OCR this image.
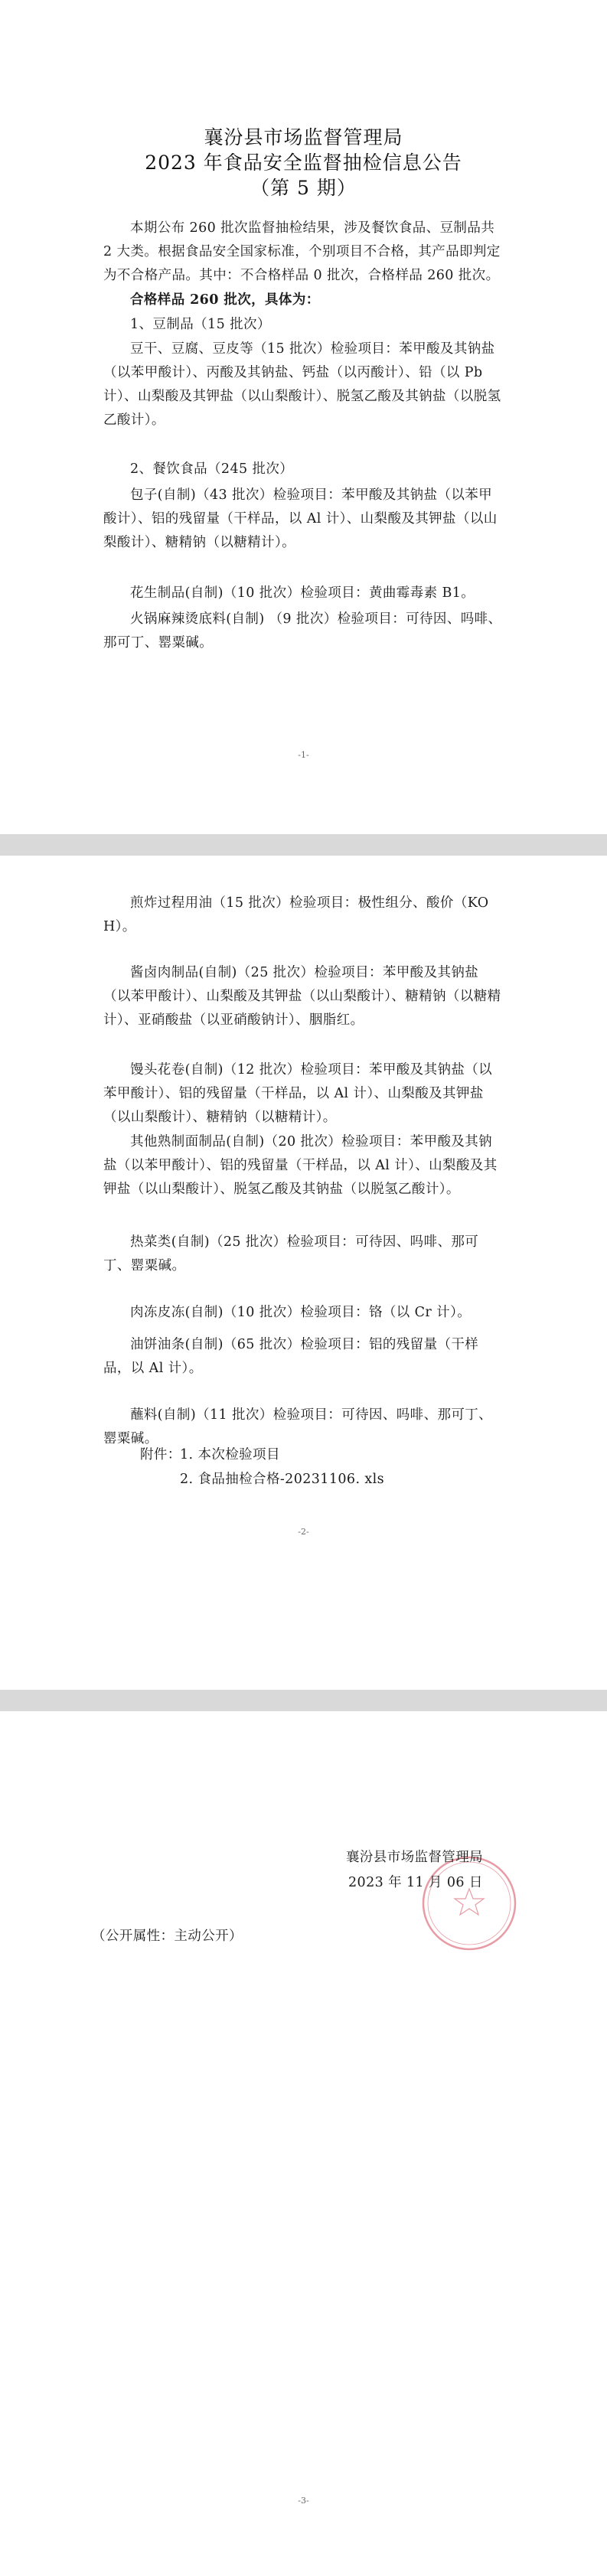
襄汾县市场监督管理局
2023 年食品安全监督抽检信息公告
（第 5 期）

本期公布 260 批次监督抽检结果，涉及餐饮食品、豆制品共 2 大类。根据食品安全国家标准，个别项目不合格，其产品即判定为不合格产品。其中：不合格样品 0 批次，合格样品 260 批次。

合格样品 260 批次，具体为：

1、豆制品（15 批次）

豆干、豆腐、豆皮等（15 批次）检验项目：苯甲酸及其钠盐（以苯甲酸计）、丙酸及其钠盐、钙盐（以丙酸计）、铅（以 Pb 计）、山梨酸及其钾盐（以山梨酸计）、脱氢乙酸及其钠盐（以脱氢乙酸计）。

2、餐饮食品（245 批次）

包子(自制)（43 批次）检验项目：苯甲酸及其钠盐（以苯甲酸计）、铝的残留量（干样品，以 Al 计）、山梨酸及其钾盐（以山梨酸计）、糖精钠（以糖精计）。

花生制品(自制)（10 批次）检验项目：黄曲霉毒素 B1。

火锅麻辣烫底料(自制) （9 批次）检验项目：可待因、吗啡、那可丁、罂粟碱。

-1-

煎炸过程用油（15 批次）检验项目：极性组分、酸价（KOH）。

酱卤肉制品(自制)（25 批次）检验项目：苯甲酸及其钠盐（以苯甲酸计）、山梨酸及其钾盐（以山梨酸计）、糖精钠（以糖精计）、亚硝酸盐（以亚硝酸钠计）、胭脂红。

馒头花卷(自制)（12 批次）检验项目：苯甲酸及其钠盐（以苯甲酸计）、铝的残留量（干样品，以 Al 计）、山梨酸及其钾盐（以山梨酸计）、糖精钠（以糖精计）。

其他熟制面制品(自制)（20 批次）检验项目：苯甲酸及其钠盐（以苯甲酸计）、铝的残留量（干样品，以 Al 计）、山梨酸及其钾盐（以山梨酸计）、脱氢乙酸及其钠盐（以脱氢乙酸计）。

热菜类(自制)（25 批次）检验项目：可待因、吗啡、那可丁、罂粟碱。

肉冻皮冻(自制)（10 批次）检验项目：铬（以 Cr 计）。

油饼油条(自制)（65 批次）检验项目：铝的残留量（干样品，以 Al 计）。

蘸料(自制)（11 批次）检验项目：可待因、吗啡、那可丁、罂粟碱。

附件：
1. 本次检验项目
2. 食品抽检合格-20231106. xls
-2-
-3-
襄汾县市场监督管理局
2023 年 11 月 06 日
（公开属性：主动公开）
